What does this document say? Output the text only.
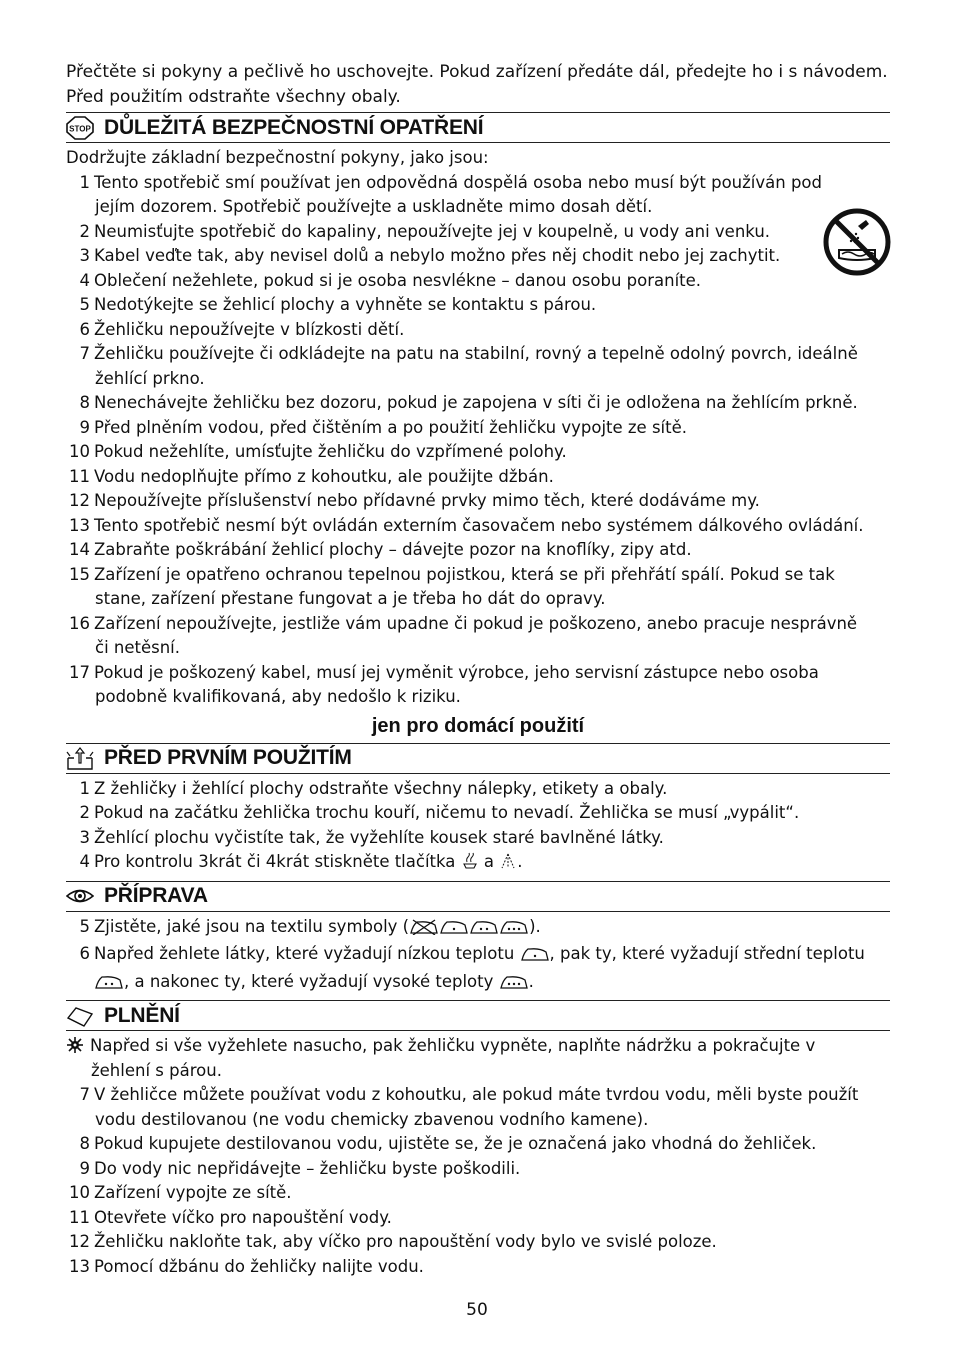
Přečtěte si pokyny a pečlivě ho uschovejte. Pokud zařízení předáte dál, předejte ho i s návodem.
Před použitím odstraňte všechny obaly.
STOP DŮLEŽITÁ BEZPEČNOSTNÍ OPATŘENÍ
Dodržujte základní bezpečnostní pokyny, jako jsou:
1 Tento spotřebič smí používat jen odpovědná dospělá osoba nebo musí být používán pod
jejím dozorem. Spotřebič používejte a uskladněte mimo dosah dětí.
2 Neumisťujte spotřebič do kapaliny, nepoužívejte jej v koupelně, u vody ani venku.
3 Kabel veďte tak, aby nevisel dolů a nebylo možno přes něj chodit nebo jej zachytit.
4 Oblečení nežehlete, pokud si je osoba nesvlékne – danou osobu poraníte.
5 Nedotýkejte se žehlicí plochy a vyhněte se kontaktu s párou.
6 Žehličku nepoužívejte v blízkosti dětí.
7 Žehličku používejte či odkládejte na patu na stabilní, rovný a tepelně odolný povrch, ideálně
žehlící prkno.
8 Nenechávejte žehličku bez dozoru, pokud je zapojena v síti či je odložena na žehlícím prkně.
9 Před plněním vodou, před čištěním a po použití žehličku vypojte ze sítě.
10 Pokud nežehlíte, umísťujte žehličku do vzpřímené polohy.
11 Vodu nedoplňujte přímo z kohoutku, ale použijte džbán.
12 Nepoužívejte příslušenství nebo přídavné prvky mimo těch, které dodáváme my.
13 Tento spotřebič nesmí být ovládán externím časovačem nebo systémem dálkového ovládání.
14 Zabraňte poškrábání žehlicí plochy – dávejte pozor na knoflíky, zipy atd.
15 Zařízení je opatřeno ochranou tepelnou pojistkou, která se při přehřátí spálí. Pokud se tak
stane, zařízení přestane fungovat a je třeba ho dát do opravy.
16 Zařízení nepoužívejte, jestliže vám upadne či pokud je poškozeno, anebo pracuje nesprávně
či netěsní.
17 Pokud je poškozený kabel, musí jej vyměnit výrobce, jeho servisní zástupce nebo osoba
podobně kvalifikovaná, aby nedošlo k riziku.
jen pro domácí použití
PŘED PRVNÍM POUŽITÍM
1 Z žehličky i žehlící plochy odstraňte všechny nálepky, etikety a obaly.
2 Pokud na začátku žehlička trochu kouří, ničemu to nevadí. Žehlička se musí „vypálit“.
3 Žehlící plochu vyčistíte tak, že vyžehlíte kousek staré bavlněné látky.
4 Pro kontrolu 3krát či 4krát stiskněte tlačítka a .
PŘÍPRAVA
5 Zjistěte, jaké jsou na textilu symboly (	).
6 Napřed žehlete látky, které vyžadují nízkou teplotu , pak ty, které vyžadují střední teplotu
, a nakonec ty, které vyžadují vysoké teploty .
PLNĚNÍ
Napřed si vše vyžehlete nasucho, pak žehličku vypněte, naplňte nádržku a pokračujte v
žehlení s párou.
7 V žehličce můžete používat vodu z kohoutku, ale pokud máte tvrdou vodu, měli byste použít
vodu destilovanou (ne vodu chemicky zbavenou vodního kamene).
8 Pokud kupujete destilovanou vodu, ujistěte se, že je označená jako vhodná do žehliček.
9 Do vody nic nepřidávejte – žehličku byste poškodili.
10 Zařízení vypojte ze sítě.
11 Otevřete víčko pro napouštění vody.
12 Žehličku nakloňte tak, aby víčko pro napouštění vody bylo ve svislé poloze.
13 Pomocí džbánu do žehličky nalijte vodu.
50
